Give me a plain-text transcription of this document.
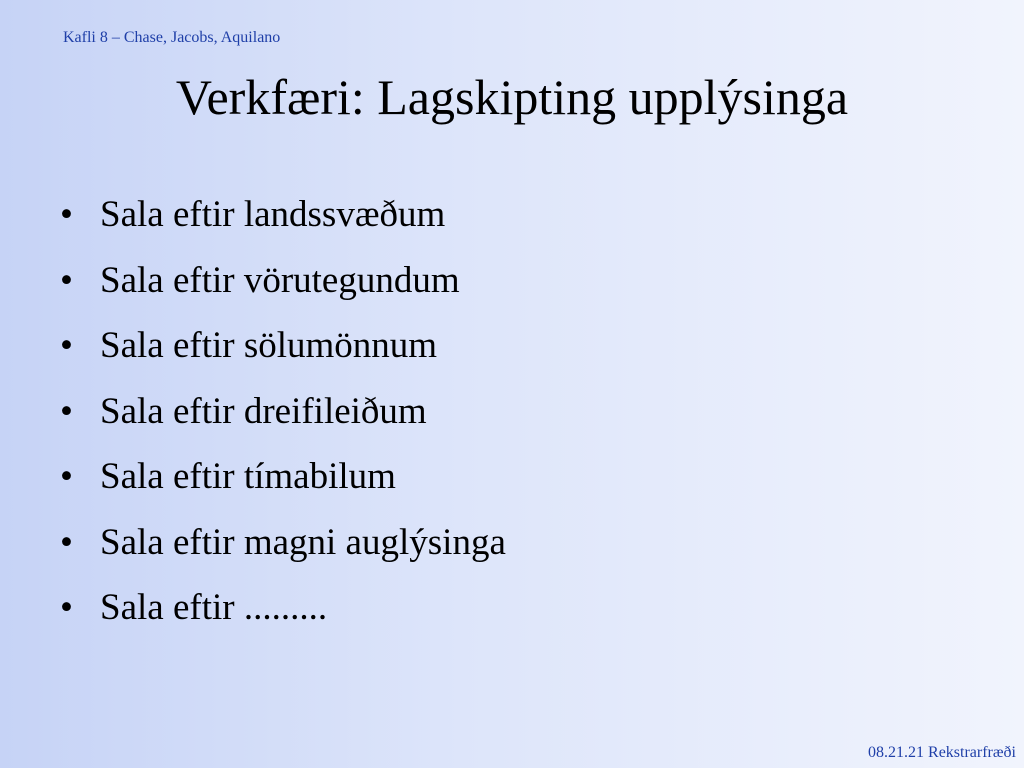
Kafli 8 – Chase, Jacobs, Aquilano
Verkfæri: Lagskipting upplýsinga
• Sala eftir landssvæðum
• Sala eftir vörutegundum
• Sala eftir sölumönnum
• Sala eftir dreifileiðum
• Sala eftir tímabilum
• Sala eftir magni auglýsinga
• Sala eftir .........
08.21.21 Rekstrarfræði
